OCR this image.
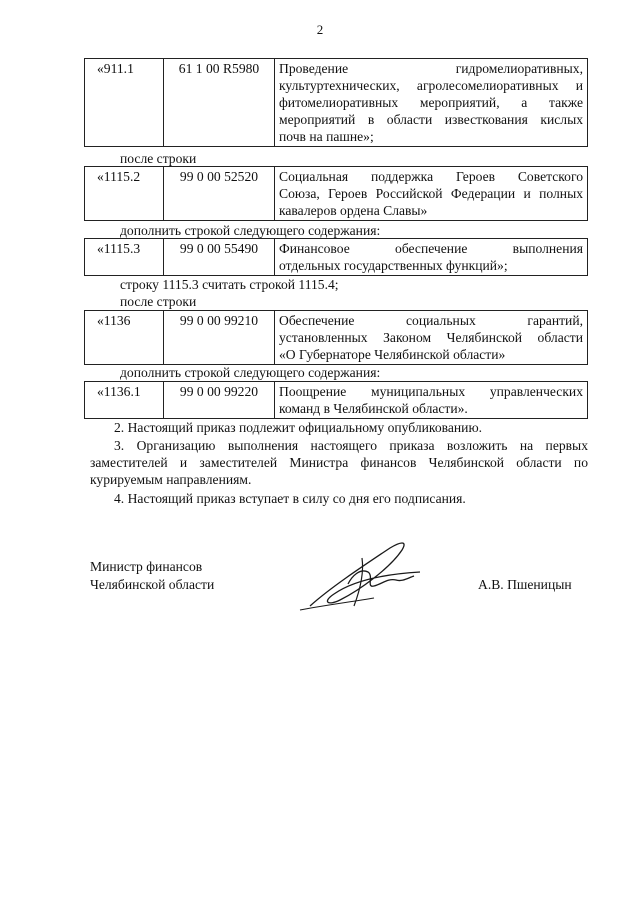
2
«911.1	61 1 00 R5980	Проведение гидромелиоративных,
культуртехнических, агролесомелиоративных и
фитомелиоративных мероприятий, а также
мероприятий в области известкования кислых
почв на пашне»;
после строки
«1115.2	99 0 00 52520	Социальная поддержка Героев Советского
Союза, Героев Российской Федерации и полных
кавалеров ордена Славы»
дополнить строкой следующего содержания:
«1115.3	99 0 00 55490	Финансовое обеспечение выполнения
отдельных государственных функций»;
строку 1115.3 считать строкой 1115.4;
после строки
«1136	99 0 00 99210	Обеспечение социальных гарантий,
установленных Законом Челябинской области
«О Губернаторе Челябинской области»
дополнить строкой следующего содержания:
«1136.1	99 0 00 99220	Поощрение муниципальных управленческих
команд в Челябинской области».
2. Настоящий приказ подлежит официальному опубликованию.
3. Организацию выполнения настоящего приказа возложить на первых заместителей и заместителей Министра финансов Челябинской области по курируемым направлениям.
4. Настоящий приказ вступает в силу со дня его подписания.
Министр финансов
Челябинской области	А.В. Пшеницын
